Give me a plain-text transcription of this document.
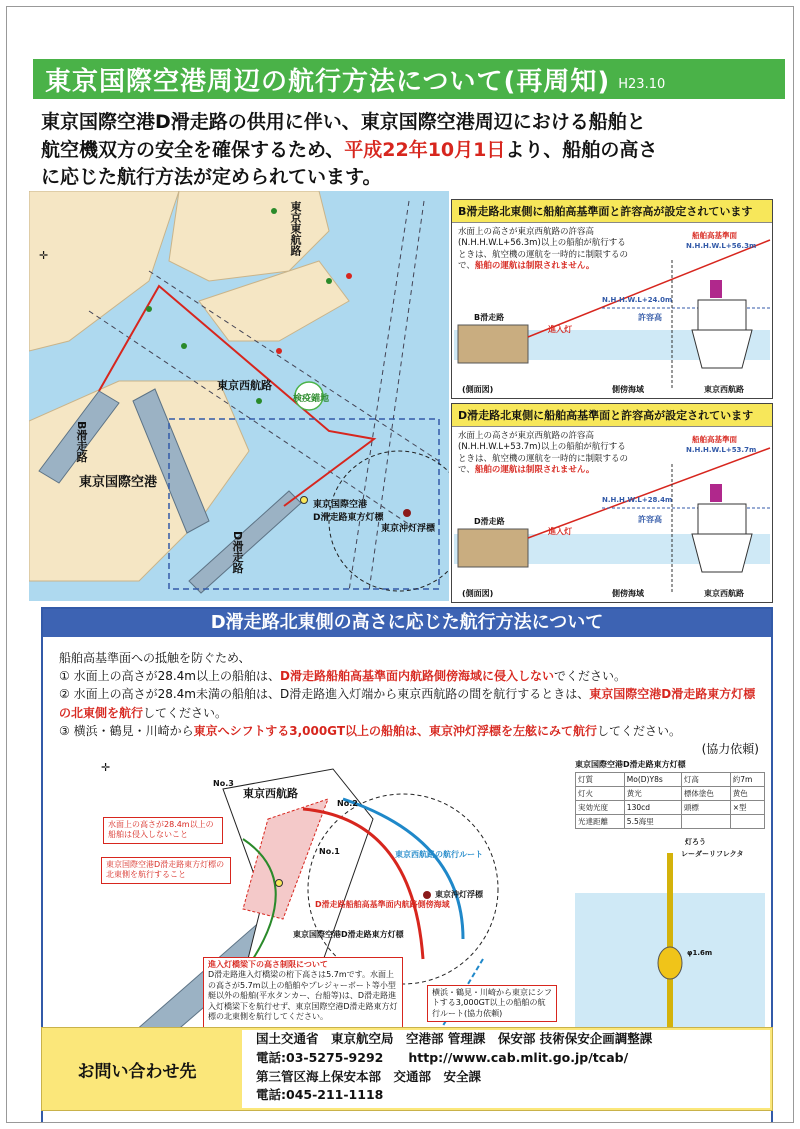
東京国際空港周辺の航行方法について(再周知) H23.10
東京国際空港D滑走路の供用に伴い、東京国際空港周辺における船舶と
航空機双方の安全を確保するため、平成22年10月1日より、船舶の高さ
に応じた航行方法が定められています。
✛
東京国際空港
東京西航路
検疫錨地
東京国際空港
D滑走路東方灯標
東京沖灯浮標
東京東航路
B滑走路
D滑走路
B滑走路北東側に船舶高基準面と許容高が設定されています
水面上の高さが東京西航路の許容高(N.H.H.W.L+56.3m)以上の船舶が航行するときは、航空機の運航を一時的に制限するので、船舶の運航は制限されません。
B滑走路
進入灯
船舶高基準面
N.H.H.W.L+56.3m
N.H.H.W.L+24.0m
許容高
(側面図)	側傍海域	東京西航路
D滑走路北東側に船舶高基準面と許容高が設定されています
水面上の高さが東京西航路の許容高(N.H.H.W.L+53.7m)以上の船舶が航行するときは、航空機の運航を一時的に制限するので、船舶の運航は制限されません。
D滑走路
進入灯
船舶高基準面
N.H.H.W.L+53.7m
N.H.H.W.L+28.4m
許容高
(側面図)	側傍海域	東京西航路
D滑走路北東側の高さに応じた航行方法について
船舶高基準面への抵触を防ぐため、
① 水面上の高さが28.4m以上の船舶は、D滑走路船舶高基準面内航路側傍海域に侵入しないでください。
② 水面上の高さが28.4m未満の船舶は、D滑走路進入灯端から東京西航路の間を航行するときは、東京国際空港D滑走路東方灯標の北東側を航行してください。
③ 横浜・鶴見・川崎から東京へシフトする3,000GT以上の船舶は、東京沖灯浮標を左舷にみて航行してください。
(協力依頼)
✛
東京西航路
No.3
No.2
No.1
水面上の高さが28.4m以上の船舶は侵入しないこと
東京国際空港D滑走路東方灯標の北東側を航行すること
東京西航路の航行ルート
東京沖灯浮標
D滑走路船舶高基準面内航路側傍海域
東京国際空港D滑走路東方灯標
横浜・鶴見・川崎から東京にシフトする3,000GT以上の船舶の航行ルート(協力依頼)
進入灯橋梁下の高さ制限について
D滑走路進入灯橋梁の桁下高さは5.7mです。水面上の高さが5.7m以上の船舶やプレジャーボート等小型艇以外の船舶(平水タンカー、台船等)は、D滑走路進入灯橋梁下を航行せず、東京国際空港D滑走路東方灯標の北東側を航行してください。
東京国際空港D滑走路東方灯標
灯質	Mo(D)Y8s	灯高	約7m
灯火	黄光	標体塗色	黄色
実効光度	130cd	頭標	×型
光達距離	5.5海里		
灯ろう
レーダーリフレクタ
φ1.6m
お問い合わせ先
国土交通省　東京航空局　空港部 管理課　保安部 技術保安企画調整課
電話:03-5275-9292　　http://www.cab.mlit.go.jp/tcab/
第三管区海上保安本部　交通部　安全課
電話:045-211-1118
